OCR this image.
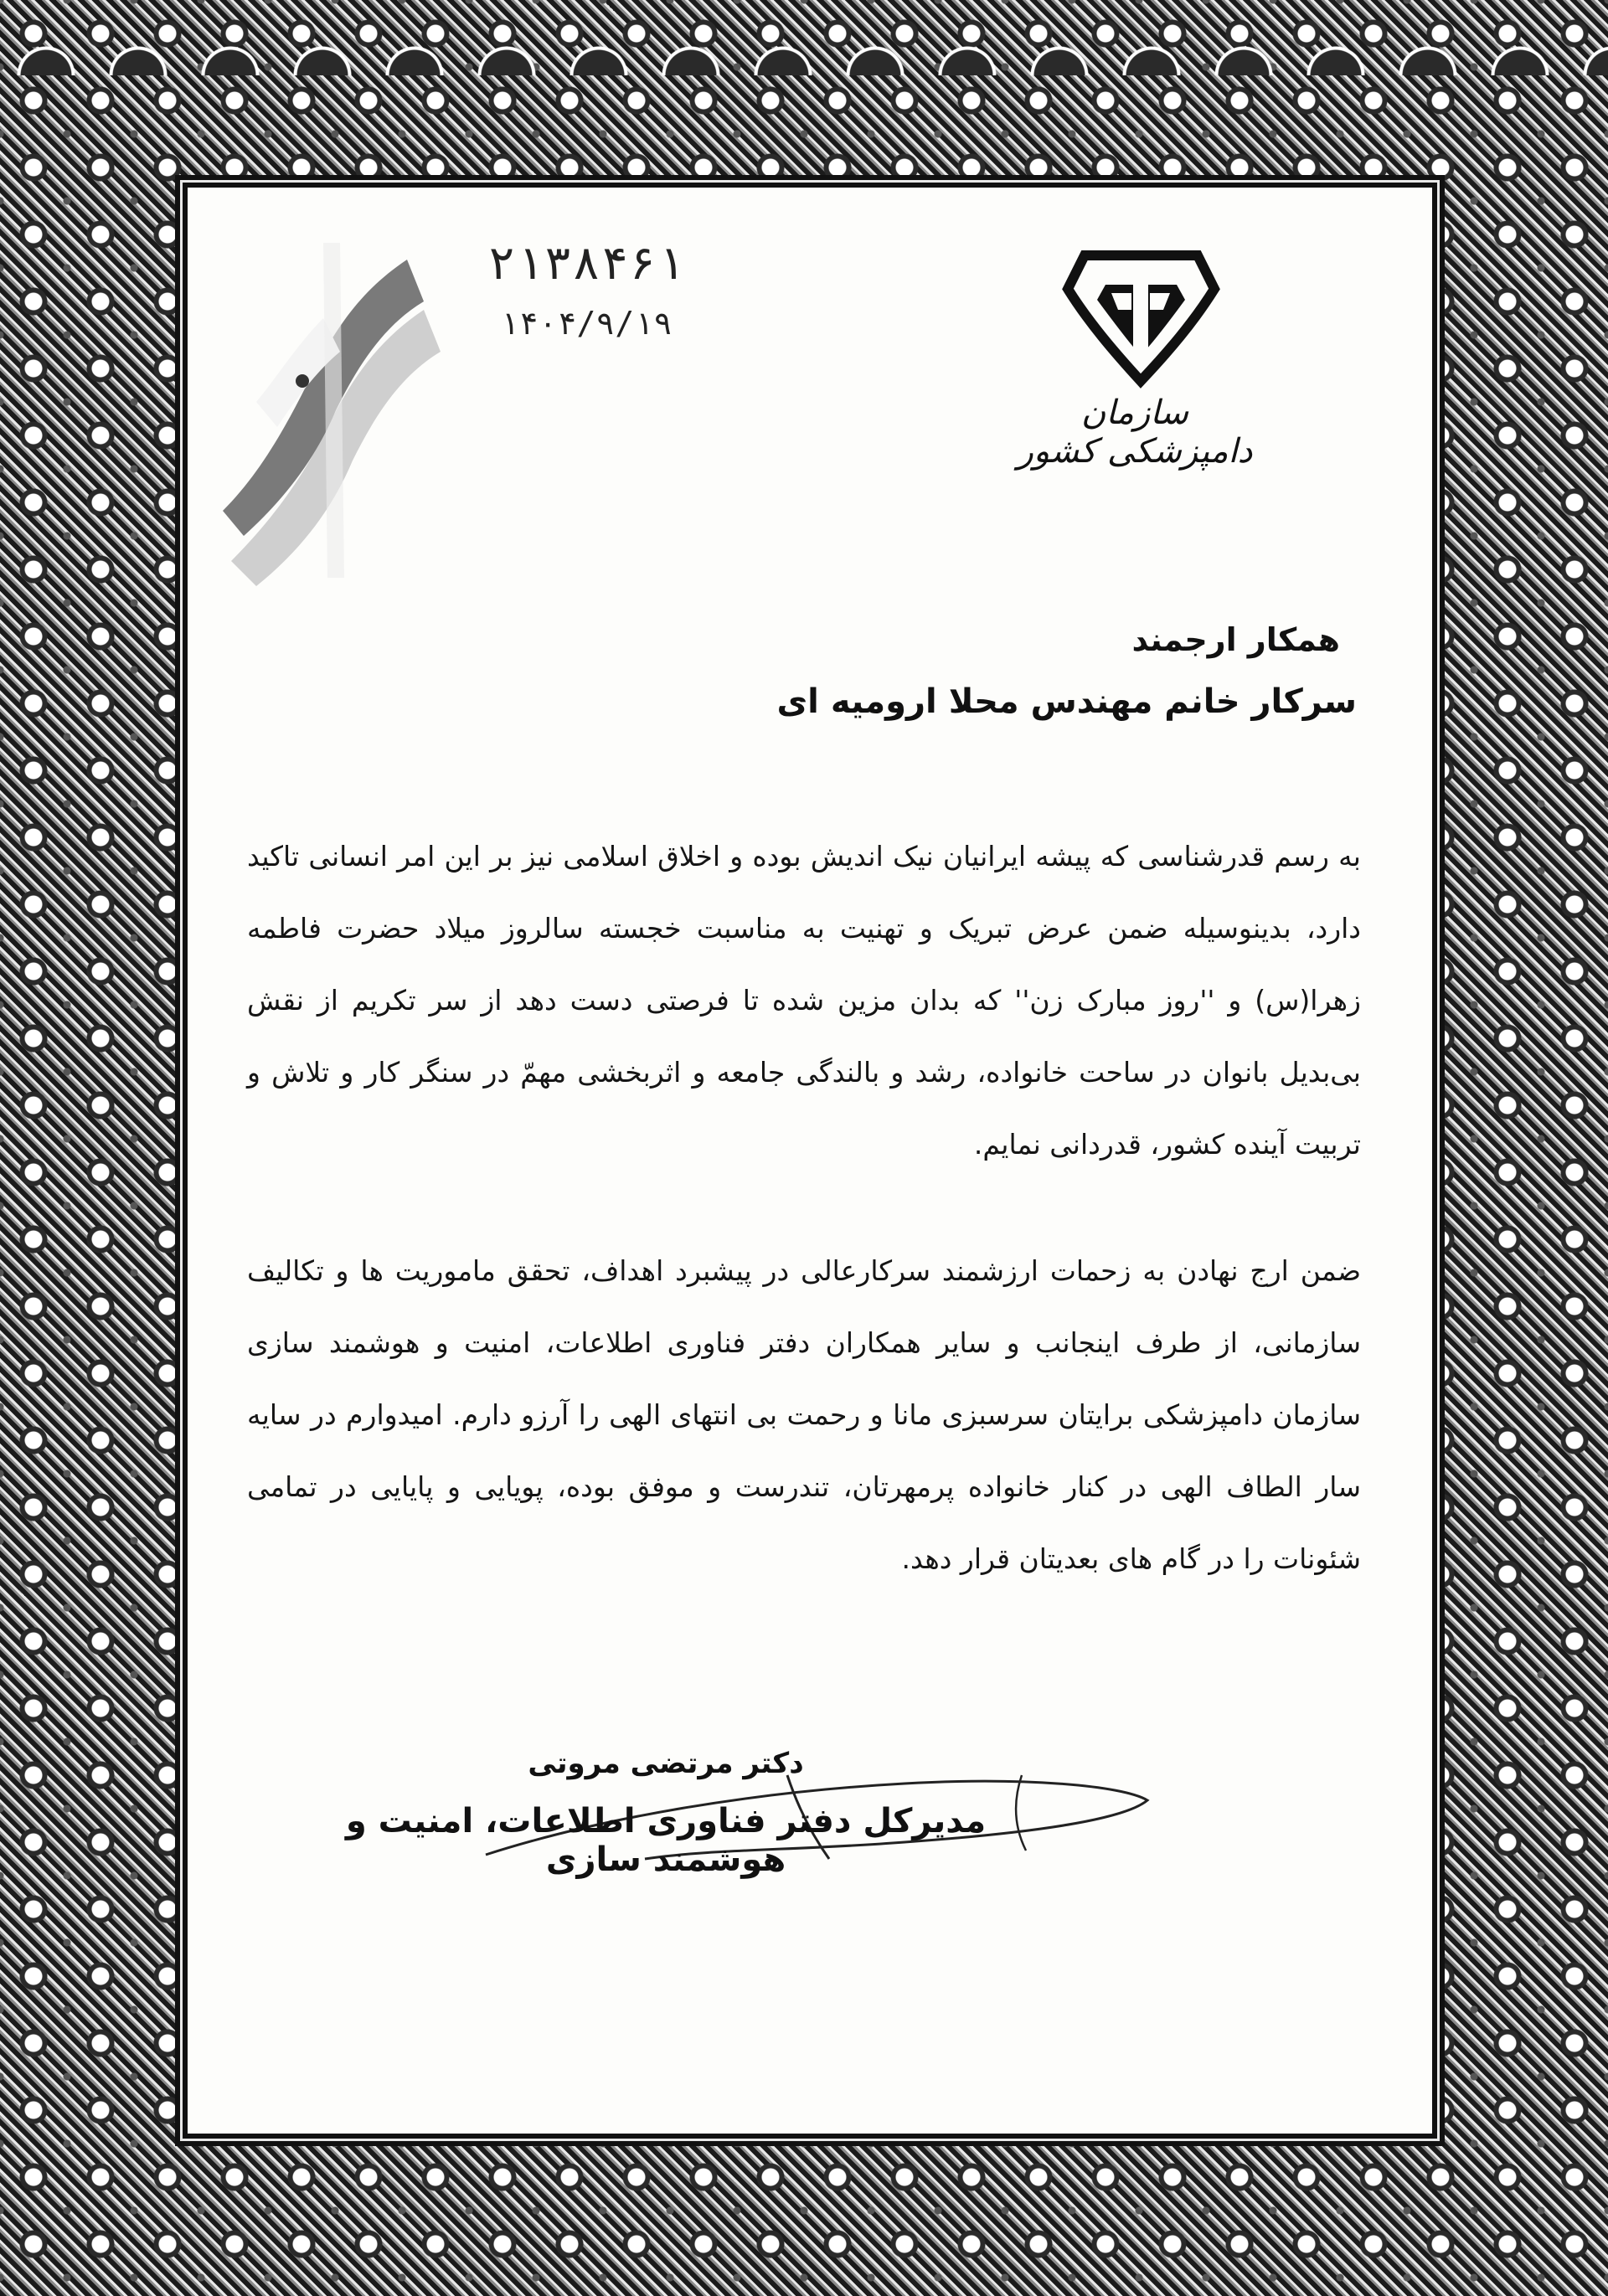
۲۱۳۸۴۶۱
۱۴۰۴/۹/۱۹
سازمان دامپزشکی کشور
همکار ارجمند
سرکار خانم مهندس محلا ارومیه ای
به رسم قدرشناسی که پیشه ایرانیان نیک اندیش بوده و اخلاق اسلامی نیز بر این امر انسانی تاکید دارد، بدینوسیله ضمن عرض تبریک و تهنیت به مناسبت خجسته سالروز میلاد حضرت فاطمه زهرا(س) و ''روز مبارک زن'' که بدان مزین شده تا فرصتی دست دهد از سر تکریم از نقش بی‌بدیل بانوان در ساحت خانواده، رشد و بالندگی جامعه و اثربخشی مهمّ در سنگر کار و تلاش و تربیت آینده کشور، قدردانی نمایم.
ضمن ارج نهادن به زحمات ارزشمند سرکارعالی در پیشبرد اهداف، تحقق ماموریت ها و تکالیف سازمانی، از طرف اینجانب و سایر همکاران دفتر فناوری اطلاعات، امنیت و هوشمند سازی سازمان دامپزشکی برایتان سرسبزی مانا و رحمت بی انتهای الهی را آرزو دارم. امیدوارم در سایه سار الطاف الهی در کنار خانواده پرمهرتان، تندرست و موفق بوده، پویایی و پایایی در تمامی شئونات را در گام های بعدیتان قرار دهد.
دکتر مرتضی مروتی
مدیرکل دفتر فناوری اطلاعات، امنیت و هوشمند سازی
